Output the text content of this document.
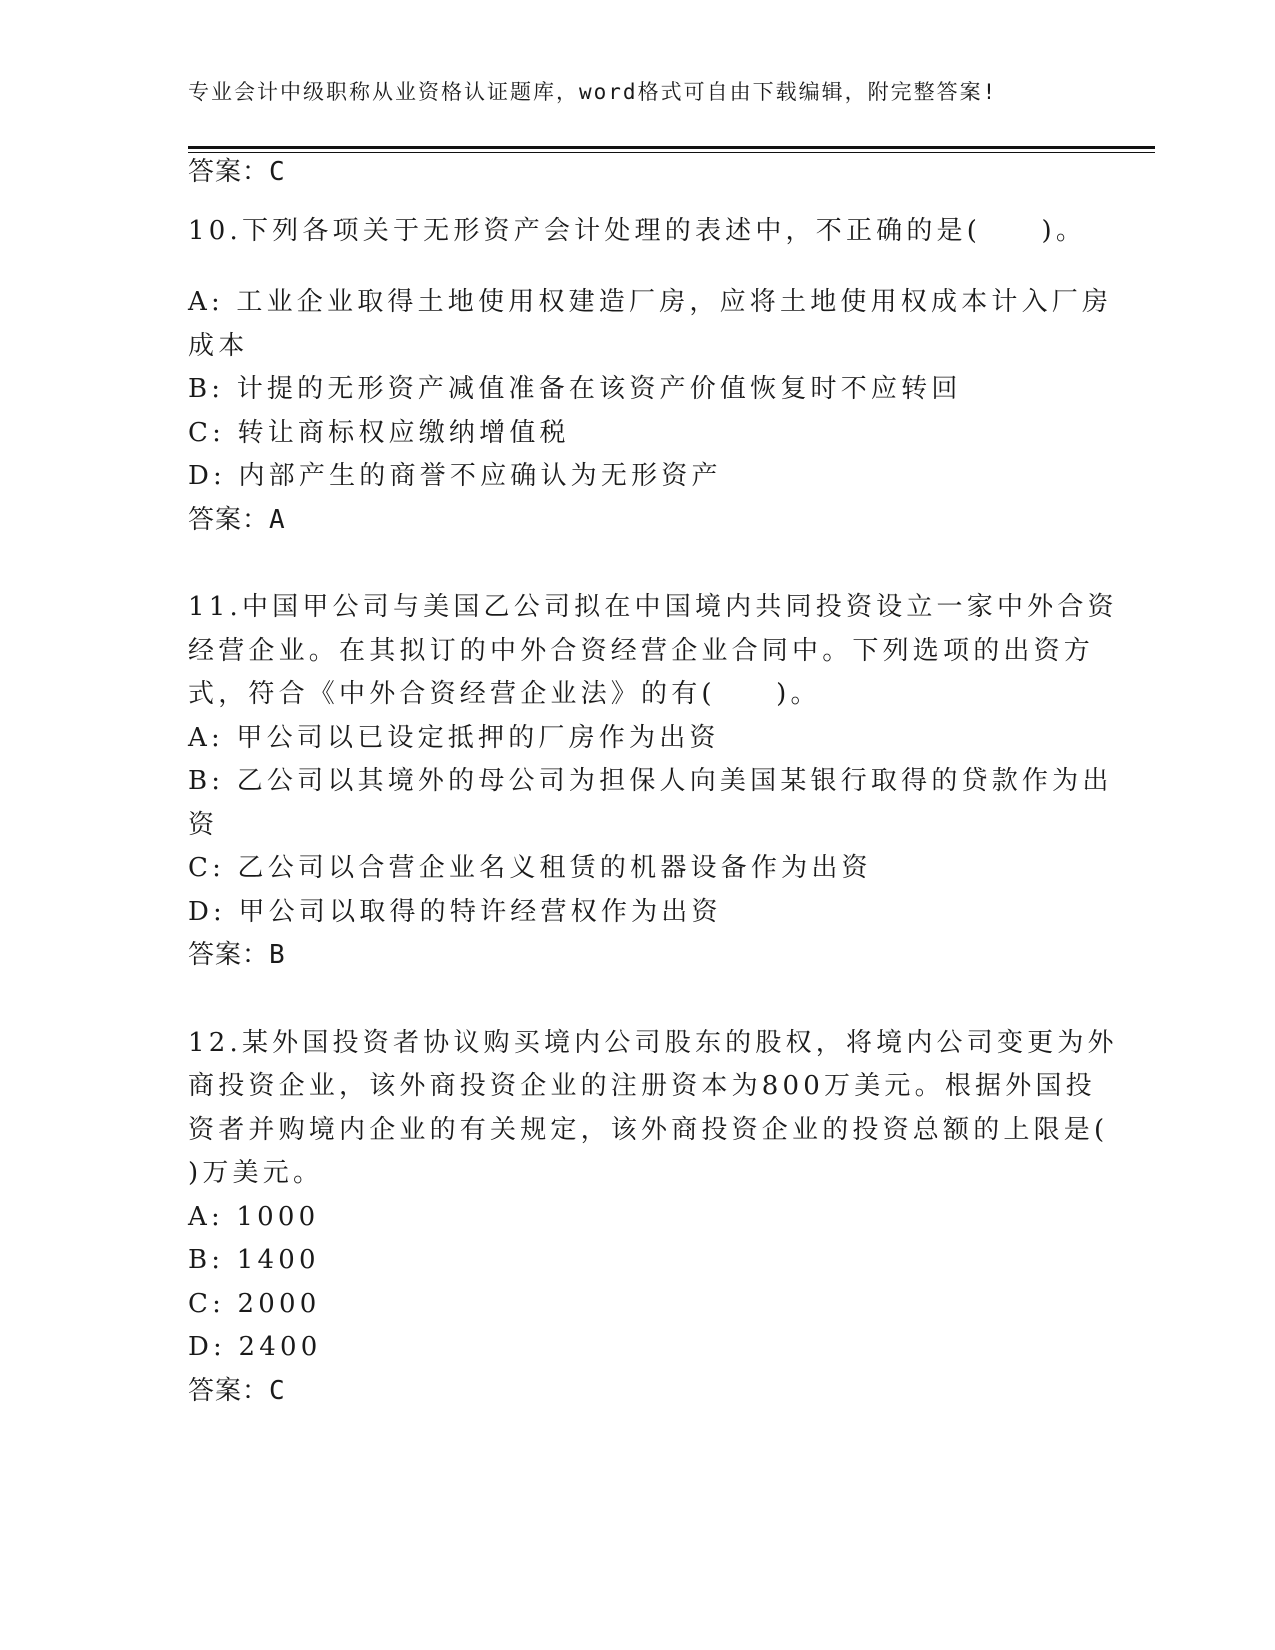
专业会计中级职称从业资格认证题库，word格式可自由下载编辑，附完整答案!
答案：C
10.下列各项关于无形资产会计处理的表述中，不正确的是(　　)。
A: 工业企业取得土地使用权建造厂房，应将土地使用权成本计入厂房
成本
B: 计提的无形资产减值准备在该资产价值恢复时不应转回
C: 转让商标权应缴纳增值税
D: 内部产生的商誉不应确认为无形资产
答案：A
11.中国甲公司与美国乙公司拟在中国境内共同投资设立一家中外合资
经营企业。在其拟订的中外合资经营企业合同中。下列选项的出资方
式，符合《中外合资经营企业法》的有(　　)。
A: 甲公司以已设定抵押的厂房作为出资
B: 乙公司以其境外的母公司为担保人向美国某银行取得的贷款作为出
资
C: 乙公司以合营企业名义租赁的机器设备作为出资
D: 甲公司以取得的特许经营权作为出资
答案：B
12.某外国投资者协议购买境内公司股东的股权，将境内公司变更为外
商投资企业，该外商投资企业的注册资本为800万美元。根据外国投
资者并购境内企业的有关规定，该外商投资企业的投资总额的上限是(
)万美元。
A: 1000
B: 1400
C: 2000
D: 2400
答案：C
